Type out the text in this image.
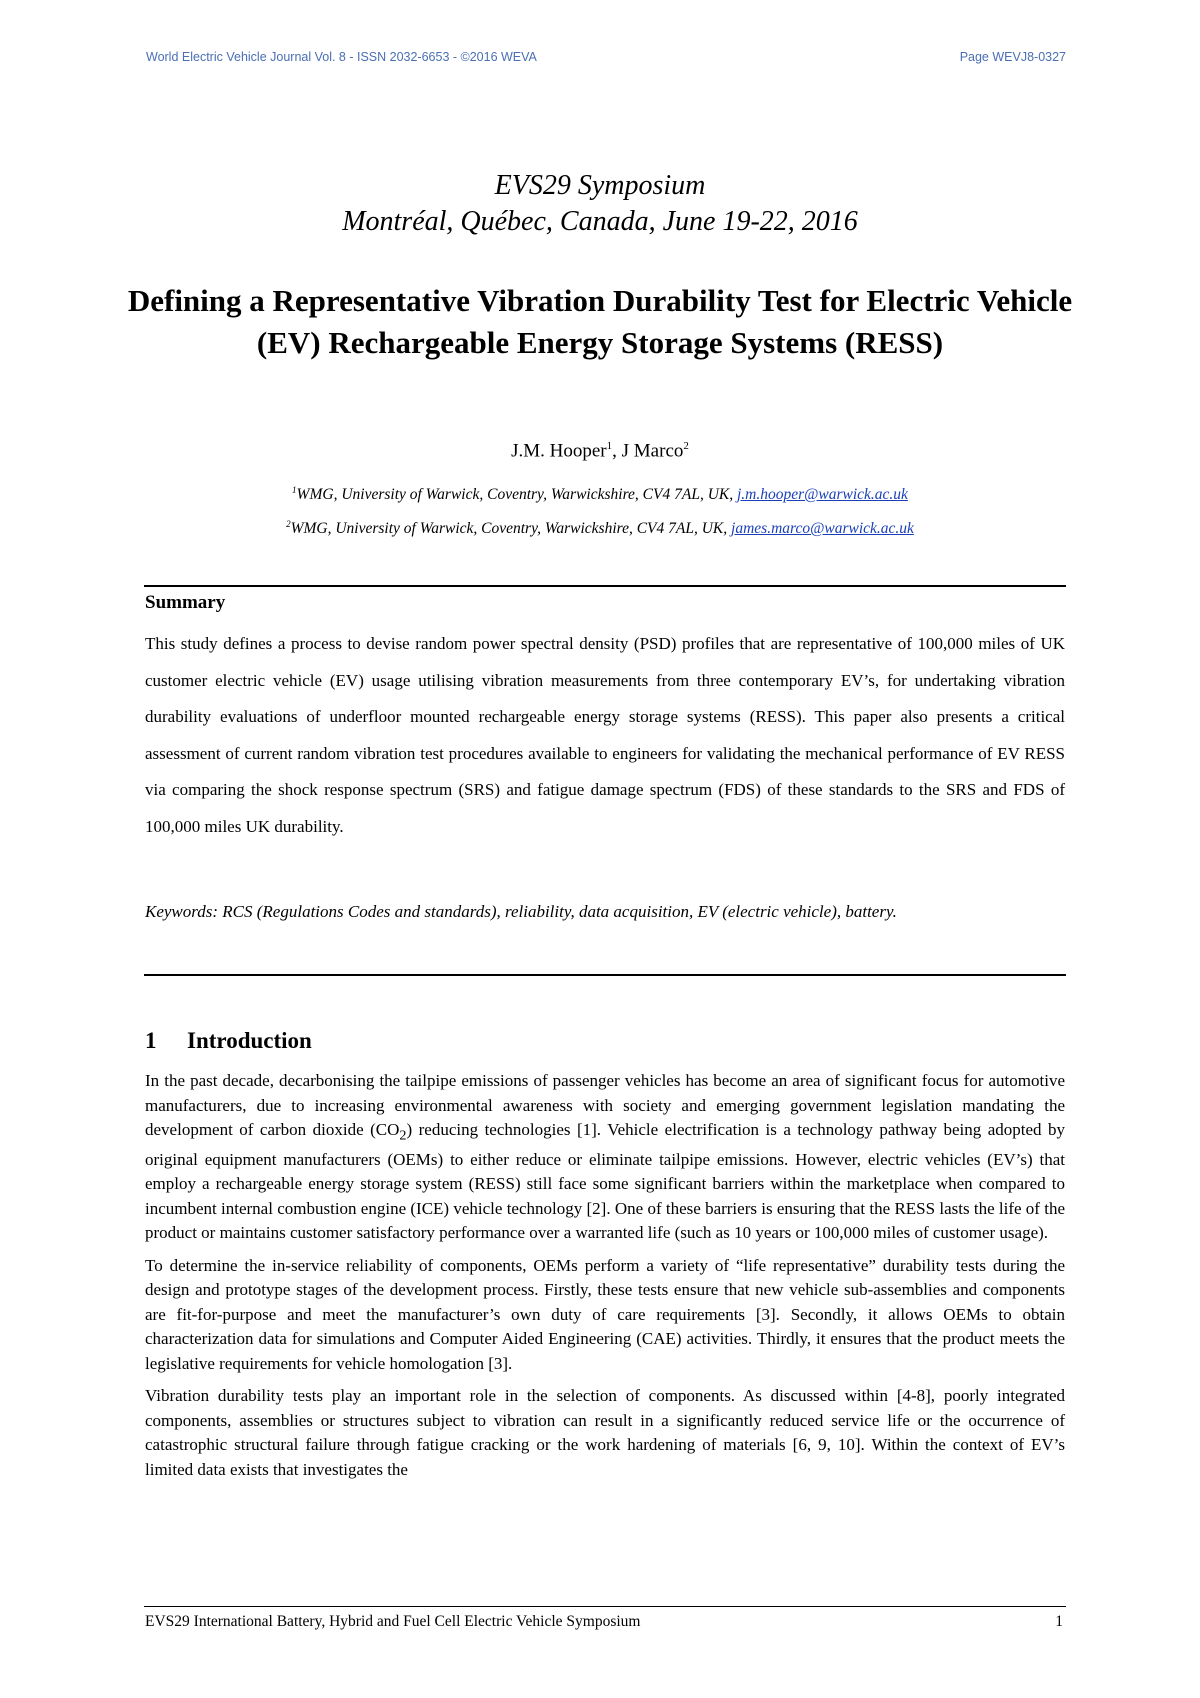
World Electric Vehicle Journal Vol. 8 - ISSN 2032-6653 - ©2016 WEVA	Page WEVJ8-0327
EVS29 Symposium
Montréal, Québec, Canada, June 19-22, 2016
Defining a Representative Vibration Durability Test for Electric Vehicle (EV) Rechargeable Energy Storage Systems (RESS)
J.M. Hooper$^1$, J Marco$^2$
$^1$WMG, University of Warwick, Coventry, Warwickshire, CV4 7AL, UK, j.m.hooper@warwick.ac.uk
$^2$WMG, University of Warwick, Coventry, Warwickshire, CV4 7AL, UK, james.marco@warwick.ac.uk
Summary

This study defines a process to devise random power spectral density (PSD) profiles that are representative of 100,000 miles of UK customer electric vehicle (EV) usage utilising vibration measurements from three contemporary EV’s, for undertaking vibration durability evaluations of underfloor mounted rechargeable energy storage systems (RESS). This paper also presents a critical assessment of current random vibration test procedures available to engineers for validating the mechanical performance of EV RESS via comparing the shock response spectrum (SRS) and fatigue damage spectrum (FDS) of these standards to the SRS and FDS of 100,000 miles UK durability.

Keywords: RCS (Regulations Codes and standards), reliability, data acquisition, EV (electric vehicle), battery.

1 Introduction

In the past decade, decarbonising the tailpipe emissions of passenger vehicles has become an area of significant focus for automotive manufacturers, due to increasing environmental awareness with society and emerging government legislation mandating the development of carbon dioxide $(CO_2)$ reducing technologies [1]. Vehicle electrification is a technology pathway being adopted by original equipment manufacturers (OEMs) to either reduce or eliminate tailpipe emissions. However, electric vehicles (EV’s) that employ a rechargeable energy storage system (RESS) still face some significant barriers within the marketplace when compared to incumbent internal combustion engine (ICE) vehicle technology [2]. One of these barriers is ensuring that the RESS lasts the life of the product or maintains customer satisfactory performance over a warranted life (such as 10 years or 100,000 miles of customer usage).

To determine the in-service reliability of components, OEMs perform a variety of “life representative” durability tests during the design and prototype stages of the development process. Firstly, these tests ensure that new vehicle sub-assemblies and components are fit-for-purpose and meet the manufacturer’s own duty of care requirements [3]. Secondly, it allows OEMs to obtain characterization data for simulations and Computer Aided Engineering (CAE) activities. Thirdly, it ensures that the product meets the legislative requirements for vehicle homologation [3].

Vibration durability tests play an important role in the selection of components. As discussed within [4-8], poorly integrated components, assemblies or structures subject to vibration can result in a significantly reduced service life or the occurrence of catastrophic structural failure through fatigue cracking or the work hardening of materials [6, 9, 10]. Within the context of EV’s limited data exists that investigates the

EVS29 International Battery, Hybrid and Fuel Cell Electric Vehicle Symposium	1
